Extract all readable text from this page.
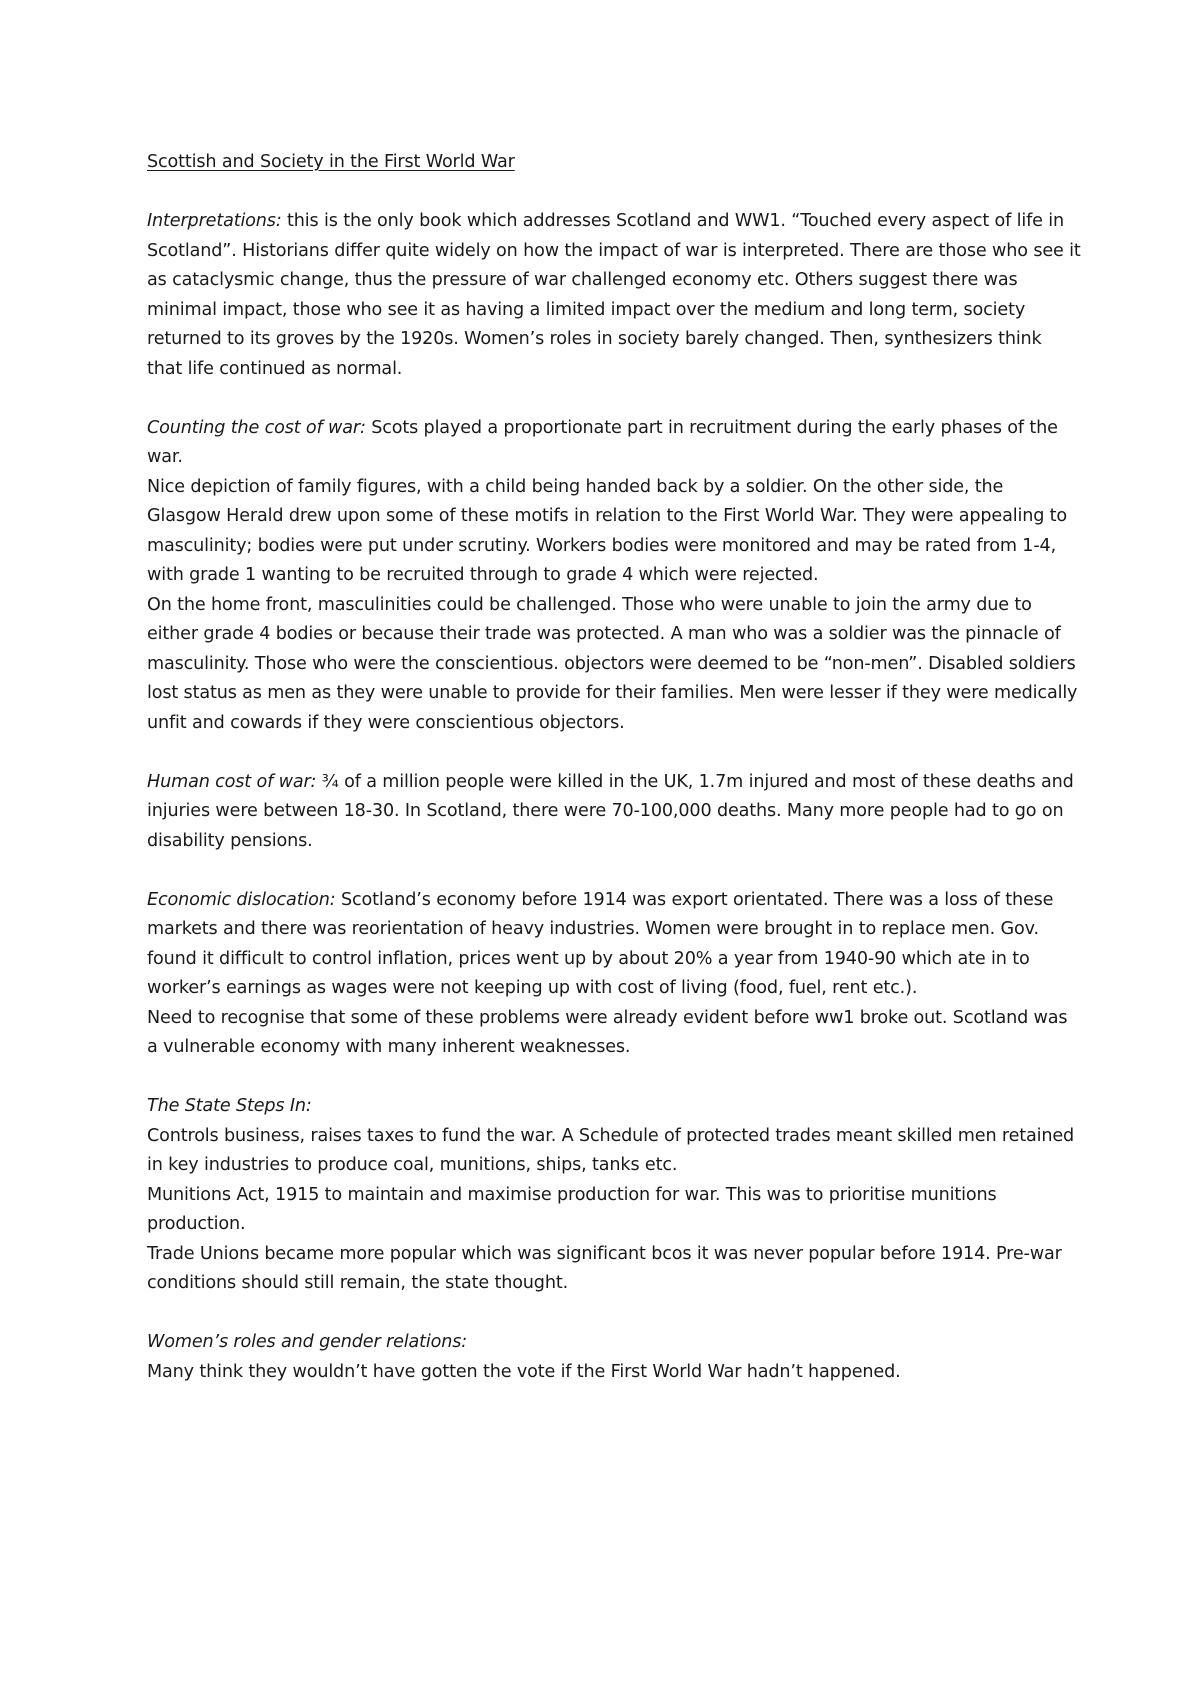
Scottish and Society in the First World War

Interpretations: this is the only book which addresses Scotland and WW1. “Touched every aspect of life in Scotland”. Historians differ quite widely on how the impact of war is interpreted. There are those who see it as cataclysmic change, thus the pressure of war challenged economy etc. Others suggest there was minimal impact, those who see it as having a limited impact over the medium and long term, society returned to its groves by the 1920s. Women’s roles in society barely changed. Then, synthesizers think that life continued as normal.

Counting the cost of war: Scots played a proportionate part in recruitment during the early phases of the war.

Nice depiction of family figures, with a child being handed back by a soldier. On the other side, the Glasgow Herald drew upon some of these motifs in relation to the First World War. They were appealing to masculinity; bodies were put under scrutiny. Workers bodies were monitored and may be rated from 1-4, with grade 1 wanting to be recruited through to grade 4 which were rejected.

On the home front, masculinities could be challenged. Those who were unable to join the army due to either grade 4 bodies or because their trade was protected. A man who was a soldier was the pinnacle of masculinity. Those who were the conscientious. objectors were deemed to be “non-men”. Disabled soldiers lost status as men as they were unable to provide for their families. Men were lesser if they were medically unfit and cowards if they were conscientious objectors.

Human cost of war: ¾ of a million people were killed in the UK, 1.7m injured and most of these deaths and injuries were between 18-30. In Scotland, there were 70-100,000 deaths. Many more people had to go on disability pensions.

Economic dislocation: Scotland’s economy before 1914 was export orientated. There was a loss of these markets and there was reorientation of heavy industries. Women were brought in to replace men. Gov. found it difficult to control inflation, prices went up by about 20% a year from 1940-90 which ate in to worker’s earnings as wages were not keeping up with cost of living (food, fuel, rent etc.).

Need to recognise that some of these problems were already evident before ww1 broke out. Scotland was a vulnerable economy with many inherent weaknesses.

The State Steps In:

Controls business, raises taxes to fund the war. A Schedule of protected trades meant skilled men retained in key industries to produce coal, munitions, ships, tanks etc.

Munitions Act, 1915 to maintain and maximise production for war. This was to prioritise munitions production.

Trade Unions became more popular which was significant bcos it was never popular before 1914. Pre-war conditions should still remain, the state thought.

Women’s roles and gender relations:

Many think they wouldn’t have gotten the vote if the First World War hadn’t happened.
